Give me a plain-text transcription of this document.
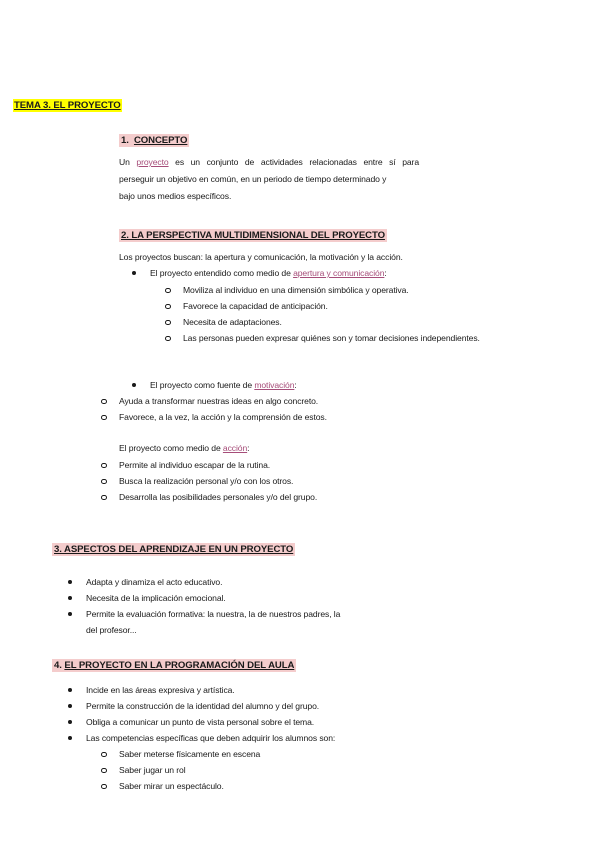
TEMA 3. EL PROYECTO
1. CONCEPTO
Un proyecto es un conjunto de actividades relacionadas entre sí para
perseguir un objetivo en común, en un periodo de tiempo determinado y
bajo unos medios específicos.
2. LA PERSPECTIVA MULTIDIMENSIONAL DEL PROYECTO
Los proyectos buscan: la apertura y comunicación, la motivación y la acción.
El proyecto entendido como medio de apertura y comunicación:
Moviliza al individuo en una dimensión simbólica y operativa.
Favorece la capacidad de anticipación.
Necesita de adaptaciones.
Las personas pueden expresar quiénes son y tomar decisiones independientes.
El proyecto como fuente de motivación:
Ayuda a transformar nuestras ideas en algo concreto.
Favorece, a la vez, la acción y la comprensión de estos.
El proyecto como medio de acción:
Permite al individuo escapar de la rutina.
Busca la realización personal y/o con los otros.
Desarrolla las posibilidades personales y/o del grupo.
3. ASPECTOS DEL APRENDIZAJE EN UN PROYECTO
Adapta y dinamiza el acto educativo.
Necesita de la implicación emocional.
Permite la evaluación formativa: la nuestra, la de nuestros padres, la
del profesor...
4. EL PROYECTO EN LA PROGRAMACIÓN DEL AULA
Incide en las áreas expresiva y artística.
Permite la construcción de la identidad del alumno y del grupo.
Obliga a comunicar un punto de vista personal sobre el tema.
Las competencias específicas que deben adquirir los alumnos son:
Saber meterse físicamente en escena
Saber jugar un rol
Saber mirar un espectáculo.
